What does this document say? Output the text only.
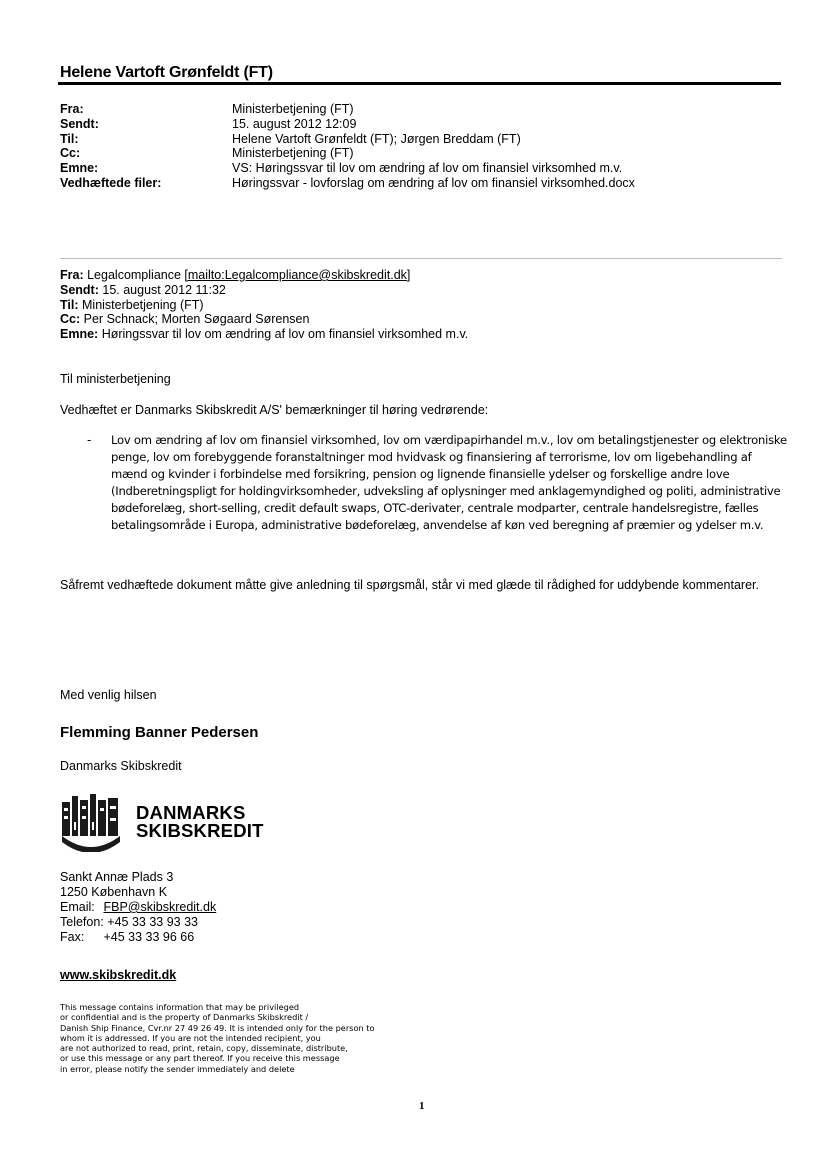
Helene Vartoft Grønfeldt (FT)
Fra:	Ministerbetjening (FT)
Sendt:	15. august 2012 12:09
Til:	Helene Vartoft Grønfeldt (FT); Jørgen Breddam (FT)
Cc:	Ministerbetjening (FT)
Emne:	VS: Høringssvar til lov om ændring af lov om finansiel virksomhed m.v.
Vedhæftede filer:	Høringssvar - lovforslag om ændring af lov om finansiel virksomhed.docx
Fra: Legalcompliance [mailto:Legalcompliance@skibskredit.dk]
Sendt: 15. august 2012 11:32
Til: Ministerbetjening (FT)
Cc: Per Schnack; Morten Søgaard Sørensen
Emne: Høringssvar til lov om ændring af lov om finansiel virksomhed m.v.
Til ministerbetjening
Vedhæftet er Danmarks Skibskredit A/S' bemærkninger til høring vedrørende:
- Lov om ændring af lov om finansiel virksomhed, lov om værdipapirhandel m.v., lov om betalingstjenester og elektroniske penge, lov om forebyggende foranstaltninger mod hvidvask og finansiering af terrorisme, lov om ligebehandling af mænd og kvinder i forbindelse med forsikring, pension og lignende finansielle ydelser og forskellige andre love (Indberetningspligt for holdingvirksomheder, udveksling af oplysninger med anklagemyndighed og politi, administrative bødeforelæg, short-selling, credit default swaps, OTC-derivater, centrale modparter, centrale handelsregistre, fælles betalingsområde i Europa, administrative bødeforelæg, anvendelse af køn ved beregning af præmier og ydelser m.v.
Såfremt vedhæftede dokument måtte give anledning til spørgsmål, står vi med glæde til rådighed for uddybende kommentarer.
Med venlig hilsen
Flemming Banner Pedersen
Danmarks Skibskredit
DANMARKS
SKIBSKREDIT
Sankt Annæ Plads 3
1250 København K
Email: FBP@skibskredit.dk
Telefon: +45 33 33 93 33
Fax: +45 33 33 96 66
www.skibskredit.dk
This message contains information that may be privileged
or confidential and is the property of Danmarks Skibskredit /
Danish Ship Finance, Cvr.nr 27 49 26 49. It is intended only for the person to
whom it is addressed. If you are not the intended recipient, you
are not authorized to read, print, retain, copy, disseminate, distribute,
or use this message or any part thereof. If you receive this message
in error, please notify the sender immediately and delete
1
